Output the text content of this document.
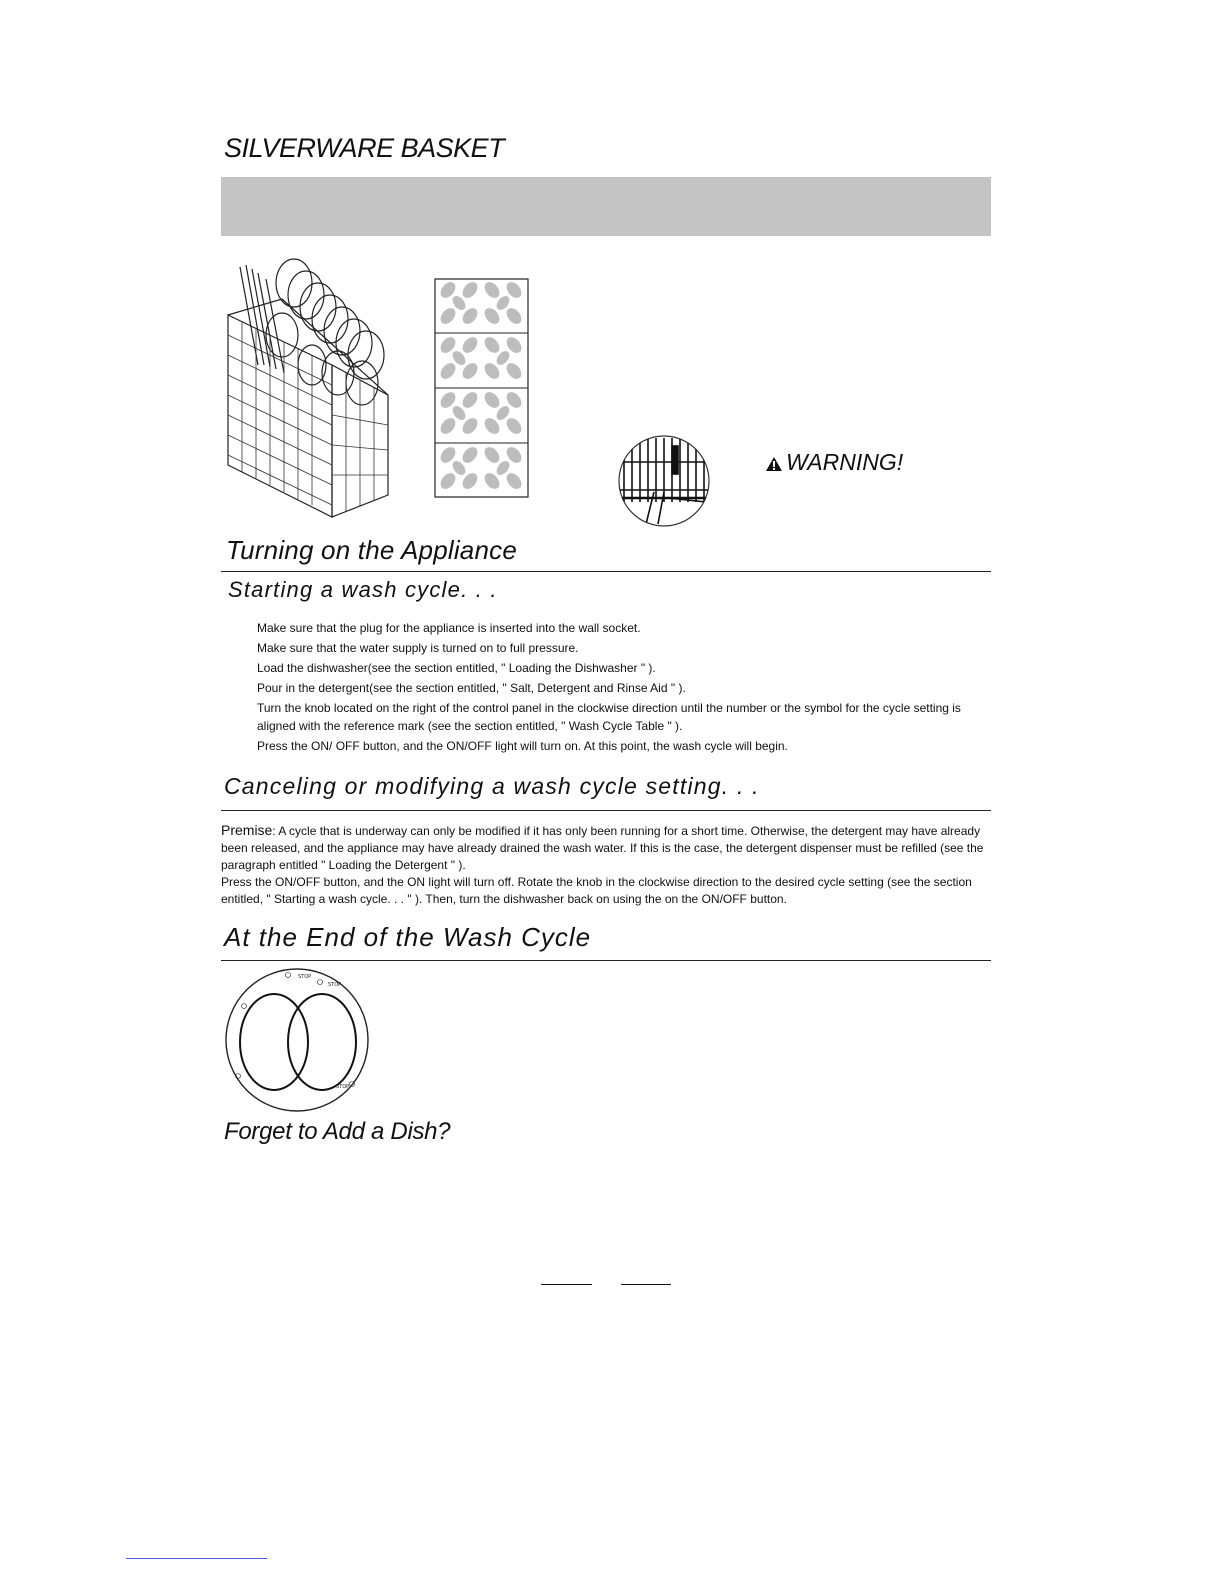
SILVERWARE BASKET
WARNING!
Turning on the Appliance
Starting a wash cycle. . .
Make sure that the plug for the appliance is inserted into the wall socket.
Make sure that the water supply is turned on to full pressure.
Load the dishwasher(see the section entitled, " Loading the Dishwasher " ).
Pour in the detergent(see the section entitled, " Salt, Detergent and Rinse Aid " ).
Turn the knob located on the right of the control panel in the clockwise direction until the number or the symbol for the cycle setting is aligned with the reference mark (see the section entitled, " Wash Cycle Table " ).
Press the ON/ OFF button, and the ON/OFF light will turn on. At this point, the wash cycle will begin.
Canceling or modifying a wash cycle setting. . .

Premise: A cycle that is underway can only be modified if it has only been running for a short time. Otherwise, the detergent may have already been released, and the appliance may have already drained the wash water. If this is the case, the detergent dispenser must be refilled (see the paragraph entitled " Loading the Detergent " ).

Press the ON/OFF button, and the ON light will turn off. Rotate the knob in the clockwise direction to the desired cycle setting (see the section entitled, " Starting a wash cycle. . . " ). Then, turn the dishwasher back on using the on the ON/OFF button.

At the End of the Wash Cycle
STOP
STOP
STOP
Forget to Add a Dish?
